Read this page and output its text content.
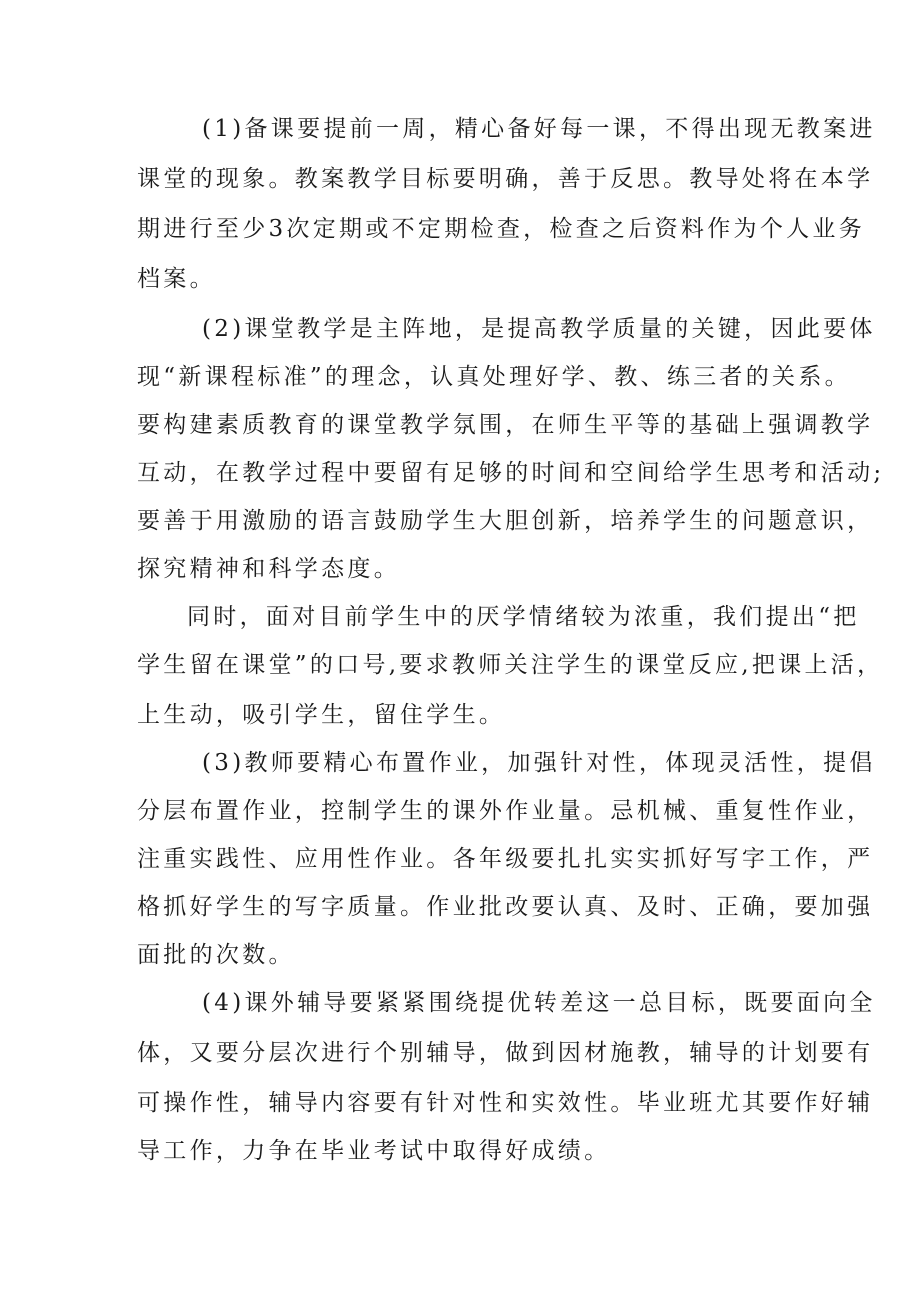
(1)备课要提前一周，精心备好每一课，不得出现无教案进
课堂的现象。教案教学目标要明确，善于反思。教导处将在本学
期进行至少3次定期或不定期检查，检查之后资料作为个人业务
档案。
(2)课堂教学是主阵地，是提高教学质量的关键，因此要体
现“新课程标准”的理念，认真处理好学、教、练三者的关系。
要构建素质教育的课堂教学氛围，在师生平等的基础上强调教学
互动，在教学过程中要留有足够的时间和空间给学生思考和活动;
要善于用激励的语言鼓励学生大胆创新，培养学生的问题意识，
探究精神和科学态度。
同时，面对目前学生中的厌学情绪较为浓重，我们提出“把
学生留在课堂”的口号,要求教师关注学生的课堂反应,把课上活，
上生动，吸引学生，留住学生。
(3)教师要精心布置作业，加强针对性，体现灵活性，提倡
分层布置作业，控制学生的课外作业量。忌机械、重复性作业，
注重实践性、应用性作业。各年级要扎扎实实抓好写字工作，严
格抓好学生的写字质量。作业批改要认真、及时、正确，要加强
面批的次数。
(4)课外辅导要紧紧围绕提优转差这一总目标，既要面向全
体，又要分层次进行个别辅导，做到因材施教，辅导的计划要有
可操作性，辅导内容要有针对性和实效性。毕业班尤其要作好辅
导工作，力争在毕业考试中取得好成绩。
